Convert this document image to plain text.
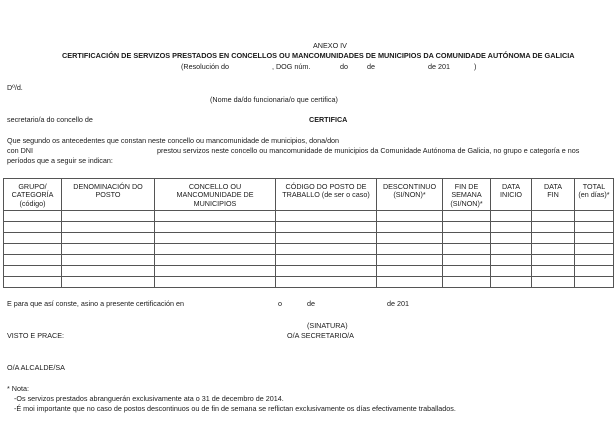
ANEXO IV
CERTIFICACIÓN DE SERVIZOS PRESTADOS EN CONCELLOS OU MANCOMUNIDADES DE MUNICIPIOS DA COMUNIDADE AUTÓNOMA DE GALICIA
(Resolución do	, DOG núm.	do	de	de 201	)
Dº/d.
(Nome da/do funcionaria/o que certifica)
secretario/a do concello de	CERTIFICA
Que segundo os antecedentes que constan neste concello ou mancomunidade de municipios, dona/don
con DNI	prestou servizos neste concello ou mancomunidade de municipios da Comunidade Autónoma de Galicia, no grupo e categoría e nos
períodos que a seguir se indican:
GRUPO/ CATEGORÍA (código)	DENOMINACIÓN DO POSTO	CONCELLO OU MANCOMUNIDADE DE MUNICIPIOS	CÓDIGO DO POSTO DE TRABALLO (de ser o caso)	DESCONTINUO (SI/NON)*	FIN DE SEMANA (SI/NON)*	DATA INICIO	DATA FIN	TOTAL (en días)*

E para que así conste, asino a presente certificación en	o	de	de 201
(SINATURA)
O/A SECRETARIO/A
VISTO E PRACE:
O/A ALCALDE/SA
* Nota:
-Os servizos prestados abranguerán exclusivamente ata o 31 de decembro de 2014.
-É moi importante que no caso de postos descontinuos ou de fin de semana se reflictan exclusivamente os días efectivamente traballados.
